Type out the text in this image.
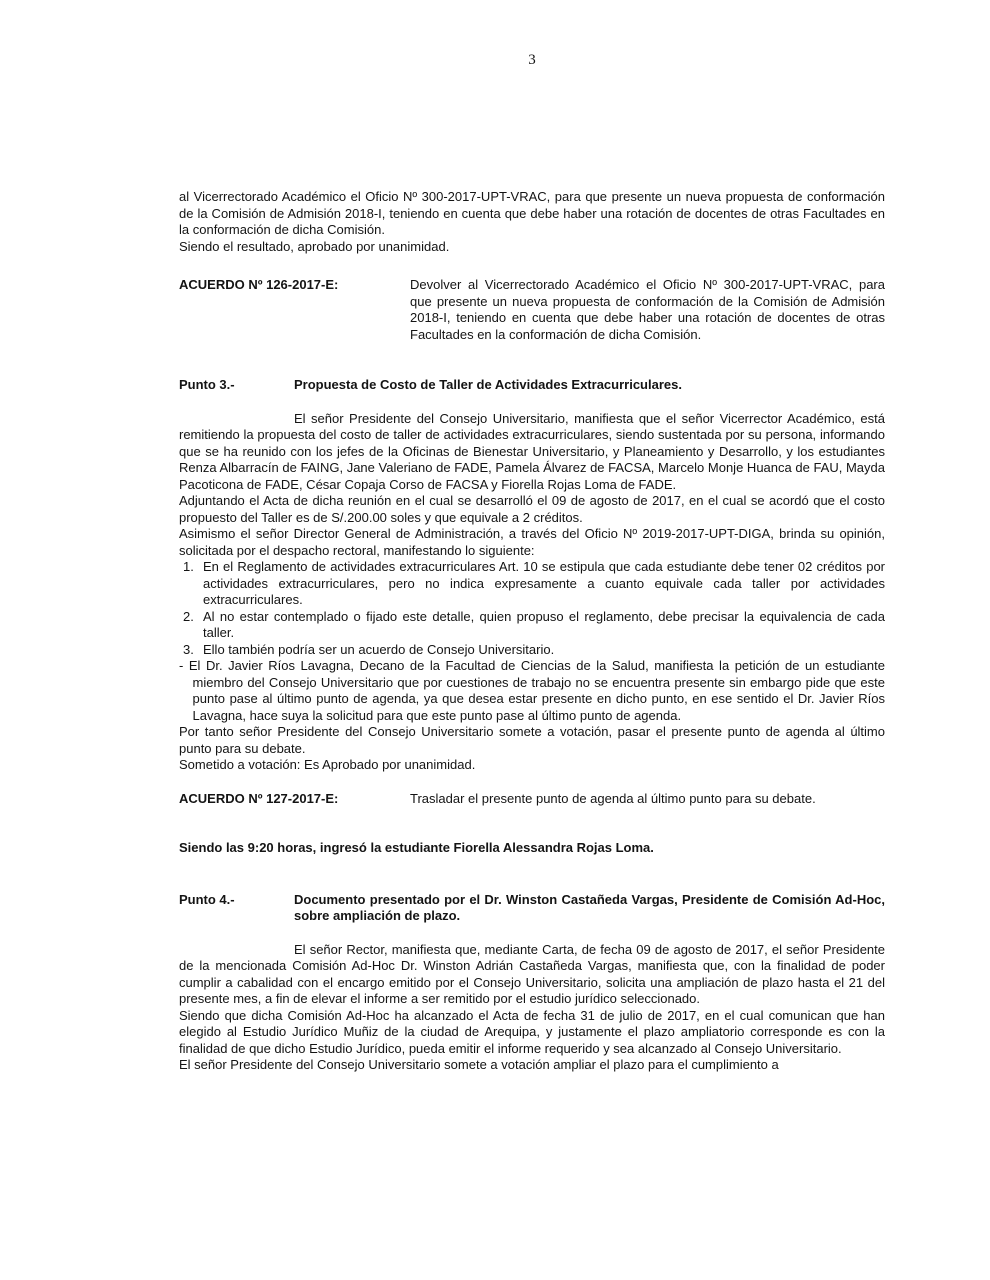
3

al Vicerrectorado Académico el Oficio Nº 300-2017-UPT-VRAC, para que presente un nueva propuesta de conformación de la Comisión de Admisión 2018-I, teniendo en cuenta que debe haber una rotación de docentes de otras Facultades en la conformación de dicha Comisión.

Siendo el resultado, aprobado por unanimidad.

ACUERDO Nº 126-2017-E:	Devolver al Vicerrectorado Académico el Oficio Nº 300-2017-UPT-VRAC, para que presente un nueva propuesta de conformación de la Comisión de Admisión 2018-I, teniendo en cuenta que debe haber una rotación de docentes de otras Facultades en la conformación de dicha Comisión.
Punto 3.-	Propuesta de Costo de Taller de Actividades Extracurriculares.

El señor Presidente del Consejo Universitario, manifiesta que el señor Vicerrector Académico, está remitiendo la propuesta del costo de taller de actividades extracurriculares, siendo sustentada por su persona, informando que se ha reunido con los jefes de la Oficinas de Bienestar Universitario, y Planeamiento y Desarrollo, y los estudiantes Renza Albarracín de FAING, Jane Valeriano de FADE, Pamela Álvarez de FACSA, Marcelo Monje Huanca de FAU, Mayda Pacoticona de FADE, César Copaja Corso de FACSA y Fiorella Rojas Loma de FADE.

Adjuntando el Acta de dicha reunión en el cual se desarrolló el 09 de agosto de 2017, en el cual se acordó que el costo propuesto del Taller es de S/.200.00 soles y que equivale a 2 créditos.

Asimismo el señor Director General de Administración, a través del Oficio Nº 2019-2017-UPT-DIGA, brinda su opinión, solicitada por el despacho rectoral, manifestando lo siguiente:

1. En el Reglamento de actividades extracurriculares Art. 10 se estipula que cada estudiante debe tener 02 créditos por actividades extracurriculares, pero no indica expresamente a cuanto equivale cada taller por actividades extracurriculares.
2. Al no estar contemplado o fijado este detalle, quien propuso el reglamento, debe precisar la equivalencia de cada taller.
3. Ello también podría ser un acuerdo de Consejo Universitario.

- El Dr. Javier Ríos Lavagna, Decano de la Facultad de Ciencias de la Salud, manifiesta la petición de un estudiante miembro del Consejo Universitario que por cuestiones de trabajo no se encuentra presente sin embargo pide que este punto pase al último punto de agenda, ya que desea estar presente en dicho punto, en ese sentido el Dr. Javier Ríos Lavagna, hace suya la solicitud para que este punto pase al último punto de agenda.

Por tanto señor Presidente del Consejo Universitario somete a votación, pasar el presente punto de agenda al último punto para su debate.

Sometido a votación: Es Aprobado por unanimidad.

ACUERDO Nº 127-2017-E:	Trasladar el presente punto de agenda al último punto para su debate.

Siendo las 9:20 horas, ingresó la estudiante Fiorella Alessandra Rojas Loma.

Punto 4.-	Documento presentado por el Dr. Winston Castañeda Vargas, Presidente de Comisión Ad-Hoc, sobre ampliación de plazo.

El señor Rector, manifiesta que, mediante Carta, de fecha 09 de agosto de 2017, el señor Presidente de la mencionada Comisión Ad-Hoc Dr. Winston Adrián Castañeda Vargas, manifiesta que, con la finalidad de poder cumplir a cabalidad con el encargo emitido por el Consejo Universitario, solicita una ampliación de plazo hasta el 21 del presente mes, a fin de elevar el informe a ser remitido por el estudio jurídico seleccionado.

Siendo que dicha Comisión Ad-Hoc ha alcanzado el Acta de fecha 31 de julio de 2017, en el cual comunican que han elegido al Estudio Jurídico Muñiz de la ciudad de Arequipa, y justamente el plazo ampliatorio corresponde es con la finalidad de que dicho Estudio Jurídico, pueda emitir el informe requerido y sea alcanzado al Consejo Universitario.

El señor Presidente del Consejo Universitario somete a votación ampliar el plazo para el cumplimiento a
